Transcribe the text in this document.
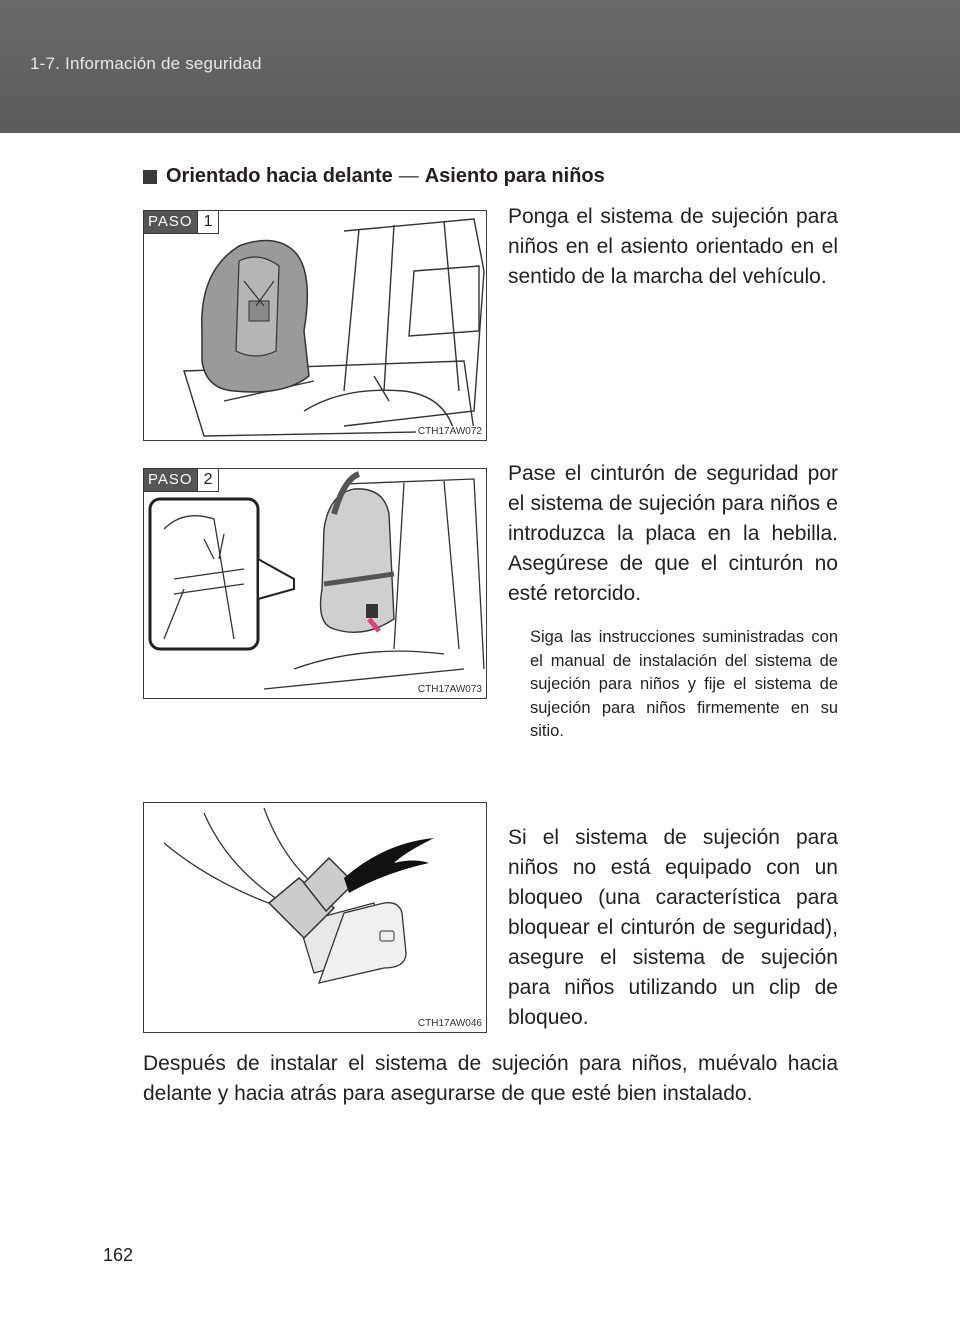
1-7. Información de seguridad
Orientado hacia delante — Asiento para niños
PASO 1
CTH17AW072
Ponga el sistema de sujeción para niños en el asiento orientado en el sentido de la marcha del vehículo.
PASO 2
CTH17AW073
Pase el cinturón de seguridad por el sistema de sujeción para niños e introduzca la placa en la hebilla. Asegúrese de que el cinturón no esté retorcido.
Siga las instrucciones suministradas con el manual de instalación del sistema de sujeción para niños y fije el sistema de sujeción para niños firmemente en su sitio.
CTH17AW046
Si el sistema de sujeción para niños no está equipado con un bloqueo (una característica para bloquear el cinturón de seguridad), asegure el sistema de sujeción para niños utilizando un clip de bloqueo.
Después de instalar el sistema de sujeción para niños, muévalo hacia delante y hacia atrás para asegurarse de que esté bien instalado.
162
